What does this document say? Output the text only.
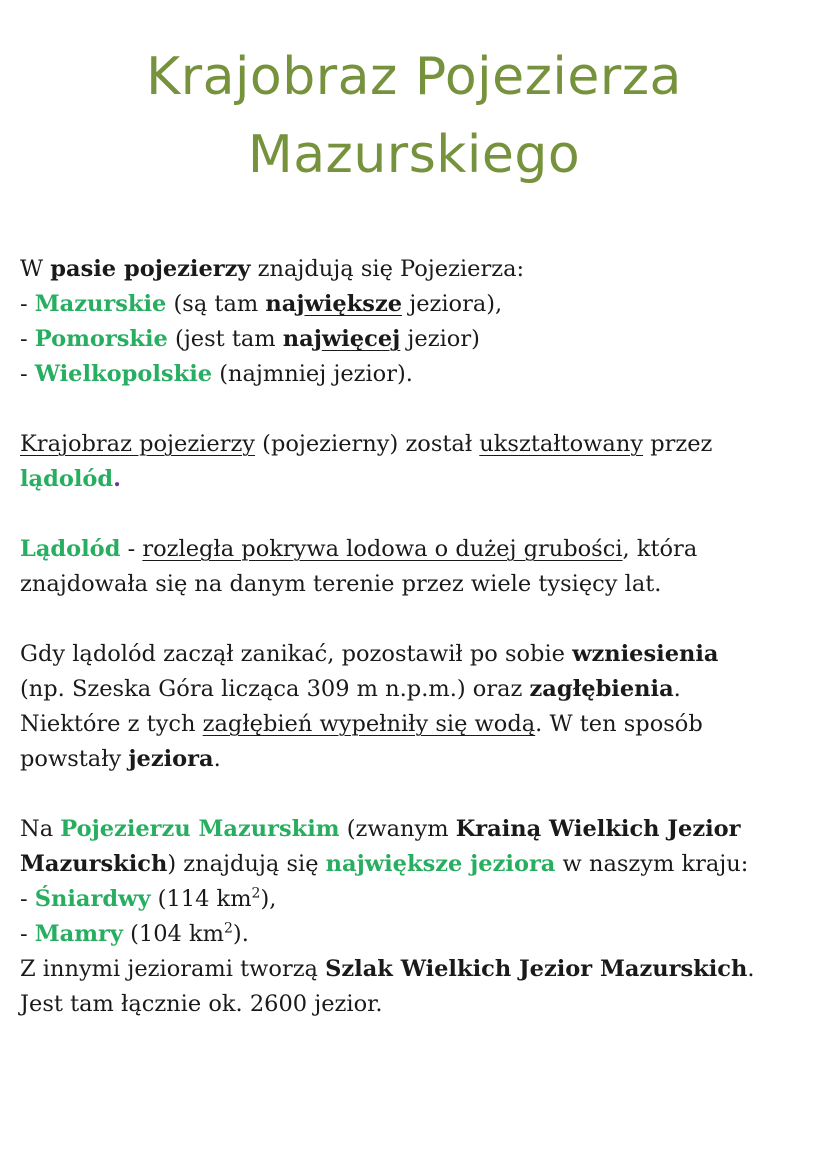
Krajobraz Pojezierza
Mazurskiego

W pasie pojezierzy znajdują się Pojezierza:
- Mazurskie (są tam największe jeziora),
- Pomorskie (jest tam najwięcej jezior)
- Wielkopolskie (najmniej jezior).

Krajobraz pojezierzy (pojezierny) został ukształtowany przez
lądolód.

Lądolód - rozległa pokrywa lodowa o dużej grubości, która
znajdowała się na danym terenie przez wiele tysięcy lat.

Gdy lądolód zaczął zanikać, pozostawił po sobie wzniesienia
(np. Szeska Góra licząca 309 m n.p.m.) oraz zagłębienia.
Niektóre z tych zagłębień wypełniły się wodą. W ten sposób
powstały jeziora.

Na Pojezierzu Mazurskim (zwanym Krainą Wielkich Jezior
Mazurskich) znajdują się największe jeziora w naszym kraju:
- Śniardwy (114 $km^2$),
- Mamry (104 $km^2$).
Z innymi jeziorami tworzą Szlak Wielkich Jezior Mazurskich.
Jest tam łącznie ok. 2600 jezior.
